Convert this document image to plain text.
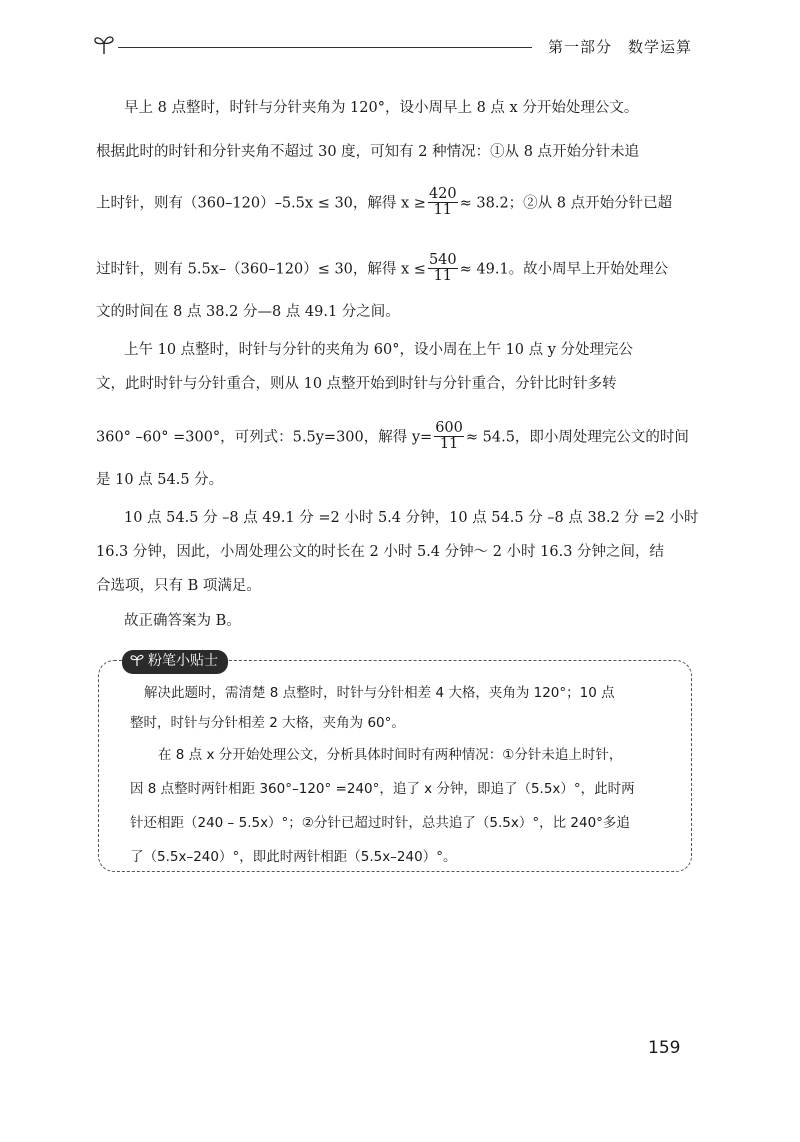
第一部分　数学运算
早上 8 点整时，时针与分针夹角为 120°，设小周早上 8 点 x 分开始处理公文。
根据此时的时针和分针夹角不超过 30 度，可知有 2 种情况：①从 8 点开始分针未追
上时针，则有（360–120）–5.5x ≤ 30，解得 $x \ge \frac{420}{11} \approx 38.2$；②从 8 点开始分针已超
过时针，则有 5.5x–（360–120）≤ 30，解得 $x \le \frac{540}{11} \approx 49.1$。故小周早上开始处理公
文的时间在 8 点 38.2 分—8 点 49.1 分之间。
上午 10 点整时，时针与分针的夹角为 60°，设小周在上午 10 点 y 分处理完公
文，此时时针与分针重合，则从 10 点整开始到时针与分针重合，分针比时针多转
360° –60° =300°，可列式：5.5y=300，解得 $y= \frac{600}{11} \approx 54.5$，即小周处理完公文的时间
是 10 点 54.5 分。
10 点 54.5 分 –8 点 49.1 分 =2 小时 5.4 分钟，10 点 54.5 分 –8 点 38.2 分 =2 小时
16.3 分钟，因此，小周处理公文的时长在 2 小时 5.4 分钟～ 2 小时 16.3 分钟之间，结
合选项，只有 B 项满足。
故正确答案为 B。
粉笔小贴士
解决此题时，需清楚 8 点整时，时针与分针相差 4 大格，夹角为 120°；10 点
整时，时针与分针相差 2 大格，夹角为 60°。
在 8 点 x 分开始处理公文，分析具体时间时有两种情况：①分针未追上时针，
因 8 点整时两针相距 360°–120° =240°，追了 x 分钟，即追了（5.5x）°，此时两
针还相距（240 – 5.5x）°；②分针已超过时针，总共追了（5.5x）°，比 240°多追
了（5.5x–240）°，即此时两针相距（5.5x–240）°。
159
